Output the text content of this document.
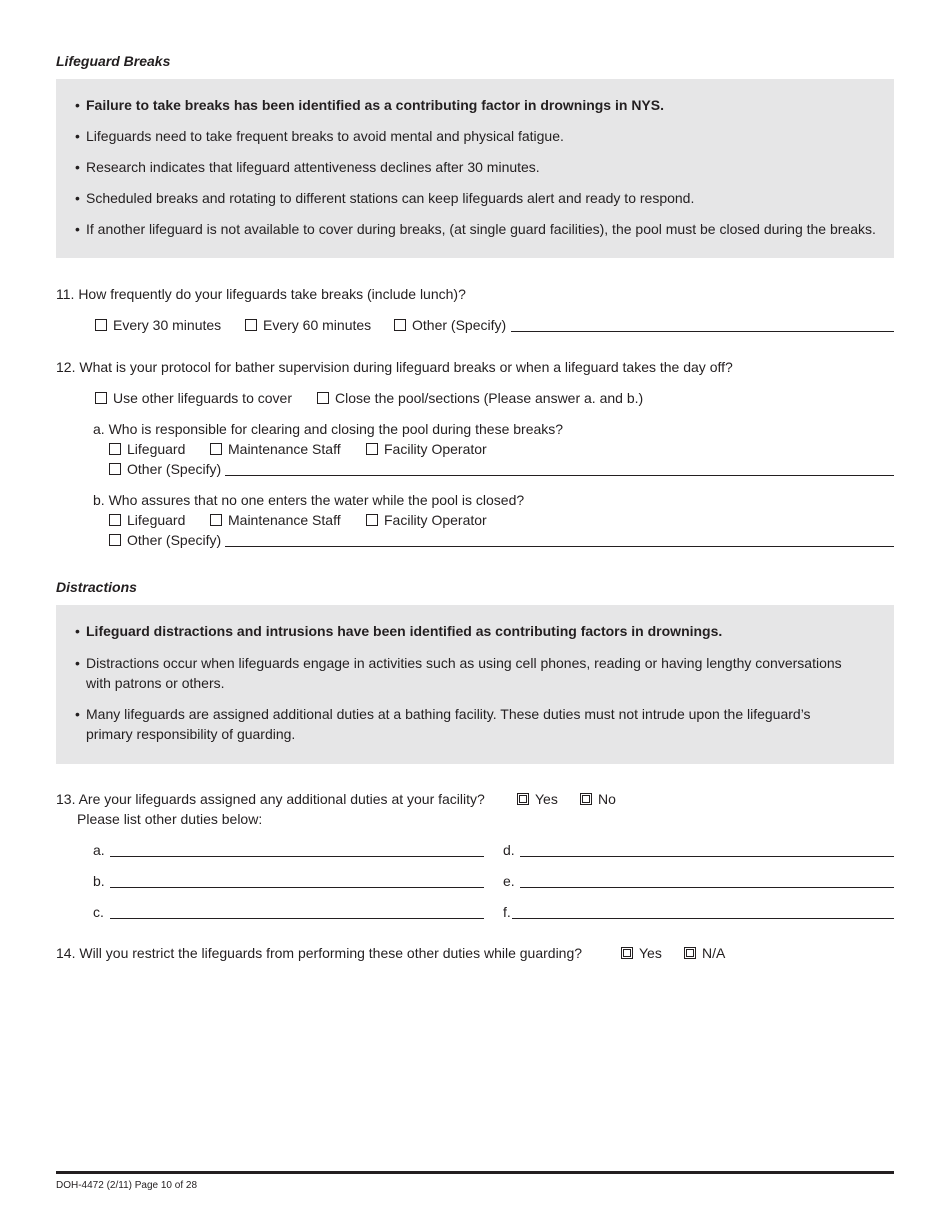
Lifeguard Breaks
• Failure to take breaks has been identified as a contributing factor in drownings in NYS.
• Lifeguards need to take frequent breaks to avoid mental and physical fatigue.
• Research indicates that lifeguard attentiveness declines after 30 minutes.
• Scheduled breaks and rotating to different stations can keep lifeguards alert and ready to respond.
• If another lifeguard is not available to cover during breaks, (at single guard facilities), the pool must be closed during the breaks.
11. How frequently do your lifeguards take breaks (include lunch)?
Every 30 minutes	Every 60 minutes	Other (Specify)
12. What is your protocol for bather supervision during lifeguard breaks or when a lifeguard takes the day off?
Use other lifeguards to cover	Close the pool/sections (Please answer a. and b.)
a. Who is responsible for clearing and closing the pool during these breaks?
Lifeguard	Maintenance Staff	Facility Operator
Other (Specify)
b. Who assures that no one enters the water while the pool is closed?
Lifeguard	Maintenance Staff	Facility Operator
Other (Specify)
Distractions
• Lifeguard distractions and intrusions have been identified as contributing factors in drownings.
• Distractions occur when lifeguards engage in activities such as using cell phones, reading or having lengthy conversations with patrons or others.
• Many lifeguards are assigned additional duties at a bathing facility. These duties must not intrude upon the lifeguard’s primary responsibility of guarding.
13. Are your lifeguards assigned any additional duties at your facility?	Yes	No
Please list other duties below:
a.
b.
c.
d.
e.
f.
14. Will you restrict the lifeguards from performing these other duties while guarding?	Yes	N/A
DOH-4472 (2/11) Page 10 of 28
